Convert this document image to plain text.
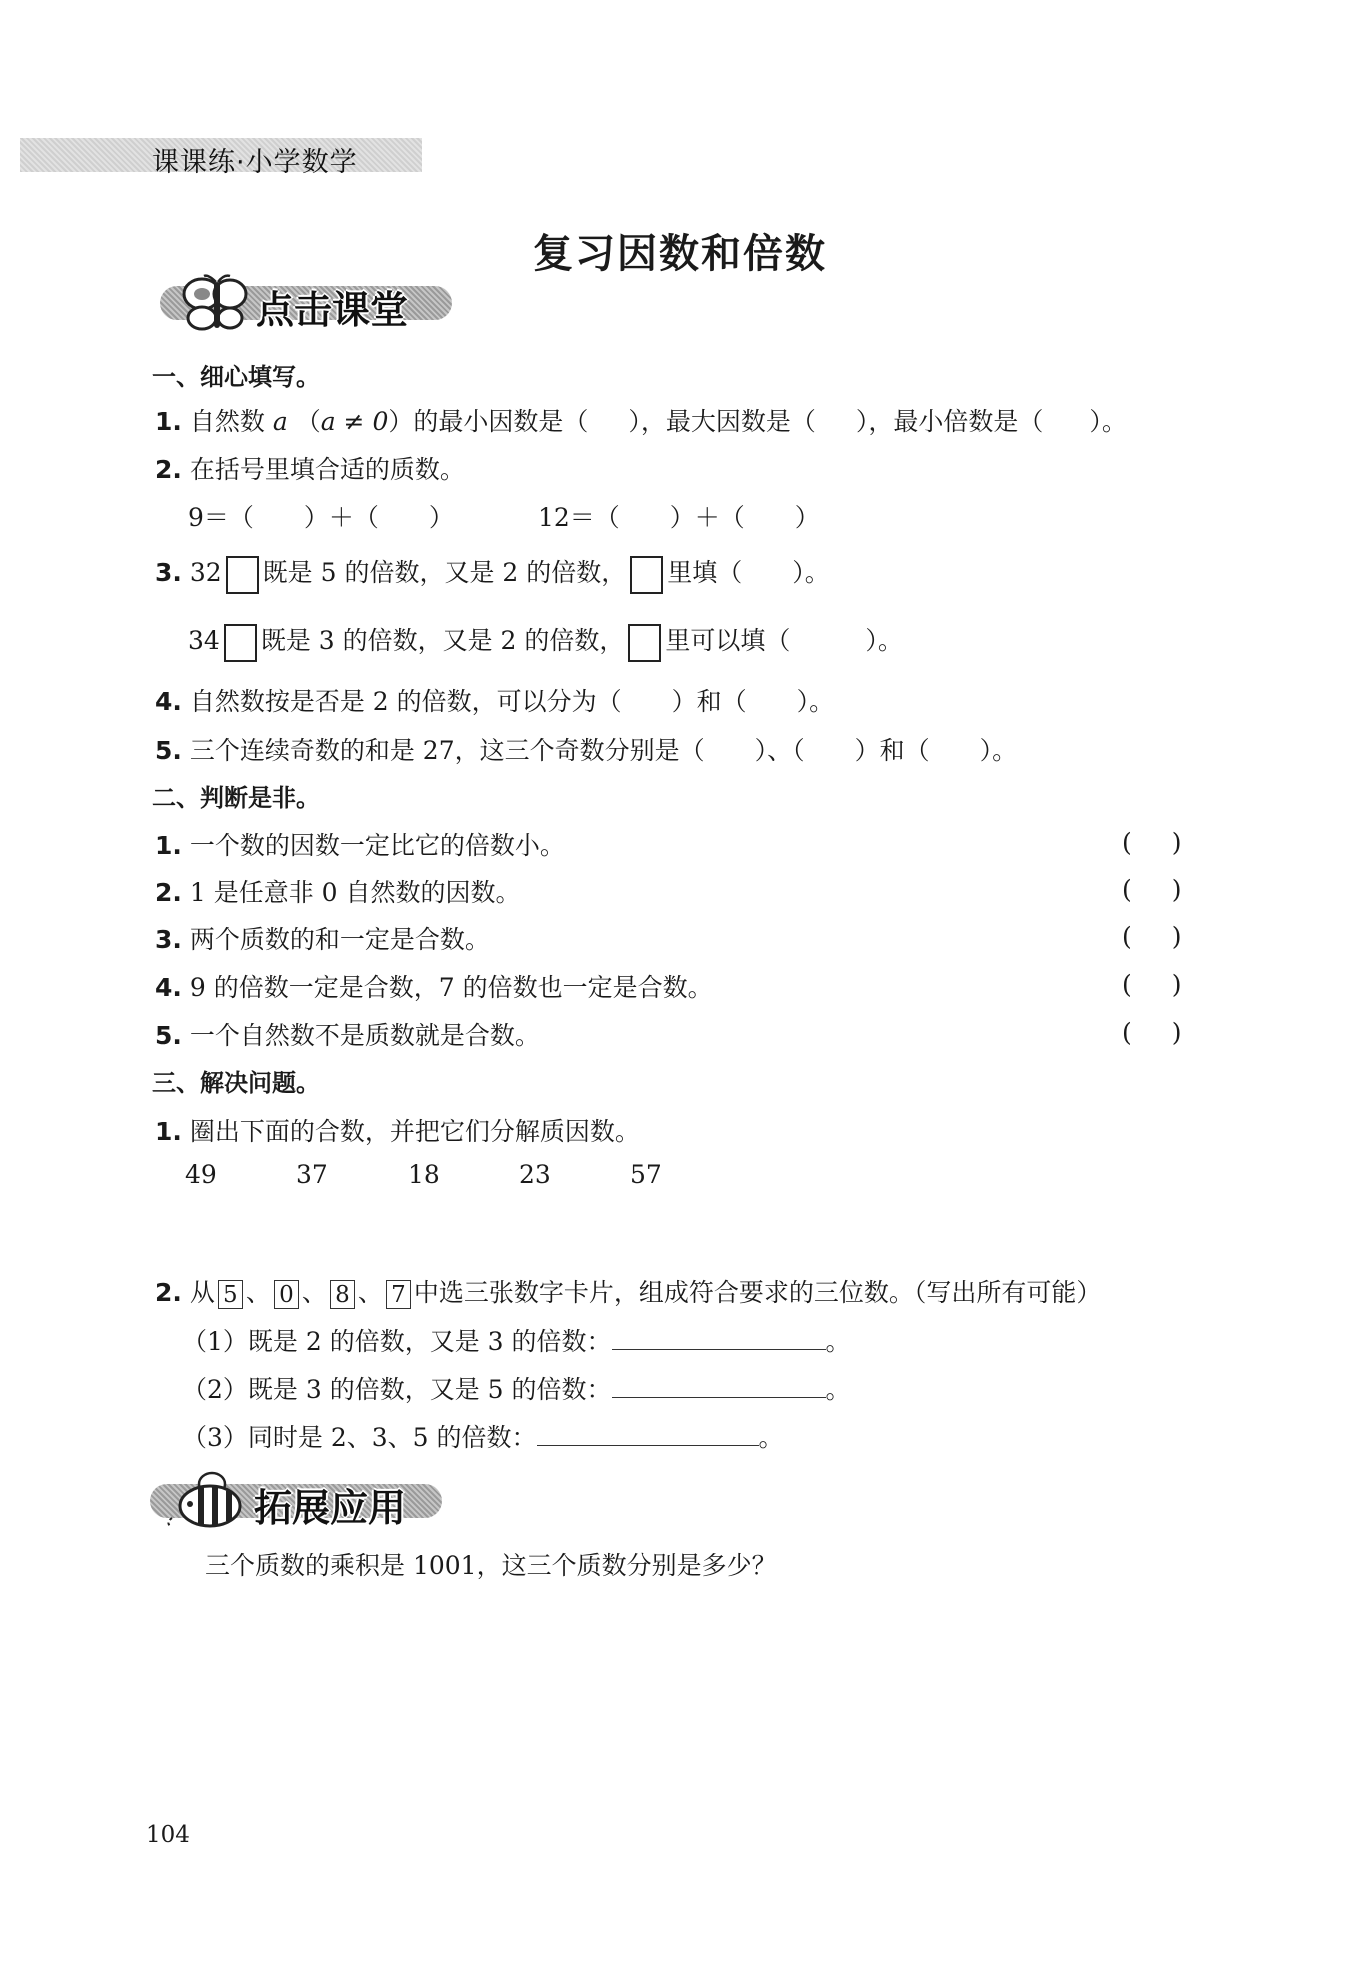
课课练·小学数学
复习因数和倍数
点击课堂
一、细心填写。
1. 自然数 a （a ≠ 0）的最小因数是（ ），最大因数是（ ），最小倍数是（ ）。
2. 在括号里填合适的质数。
9＝（　　）＋（　　）	12＝（　　）＋（　　）
3. 32 既是 5 的倍数，又是 2 的倍数， 里填（　　）。
34 既是 3 的倍数，又是 2 的倍数， 里可以填（　　　）。
4. 自然数按是否是 2 的倍数，可以分为（　　）和（　　）。
5. 三个连续奇数的和是 27，这三个奇数分别是（　　）、（　　）和（　　）。
二、判断是非。
1. 一个数的因数一定比它的倍数小。	()
2. 1 是任意非 0 自然数的因数。	()
3. 两个质数的和一定是合数。	()
4. 9 的倍数一定是合数，7 的倍数也一定是合数。	()
5. 一个自然数不是质数就是合数。	()
三、解决问题。
1. 圈出下面的合数，并把它们分解质因数。
49	37	18	23	57
2. 从 5 、 0 、 8 、 7 中选三张数字卡片，组成符合要求的三位数。（写出所有可能）
（1）既是 2 的倍数，又是 3 的倍数：	。
（2）既是 3 的倍数，又是 5 的倍数：	。
（3）同时是 2、3、5 的倍数：	。
拓展应用
三个质数的乘积是 1001，这三个质数分别是多少？
104
